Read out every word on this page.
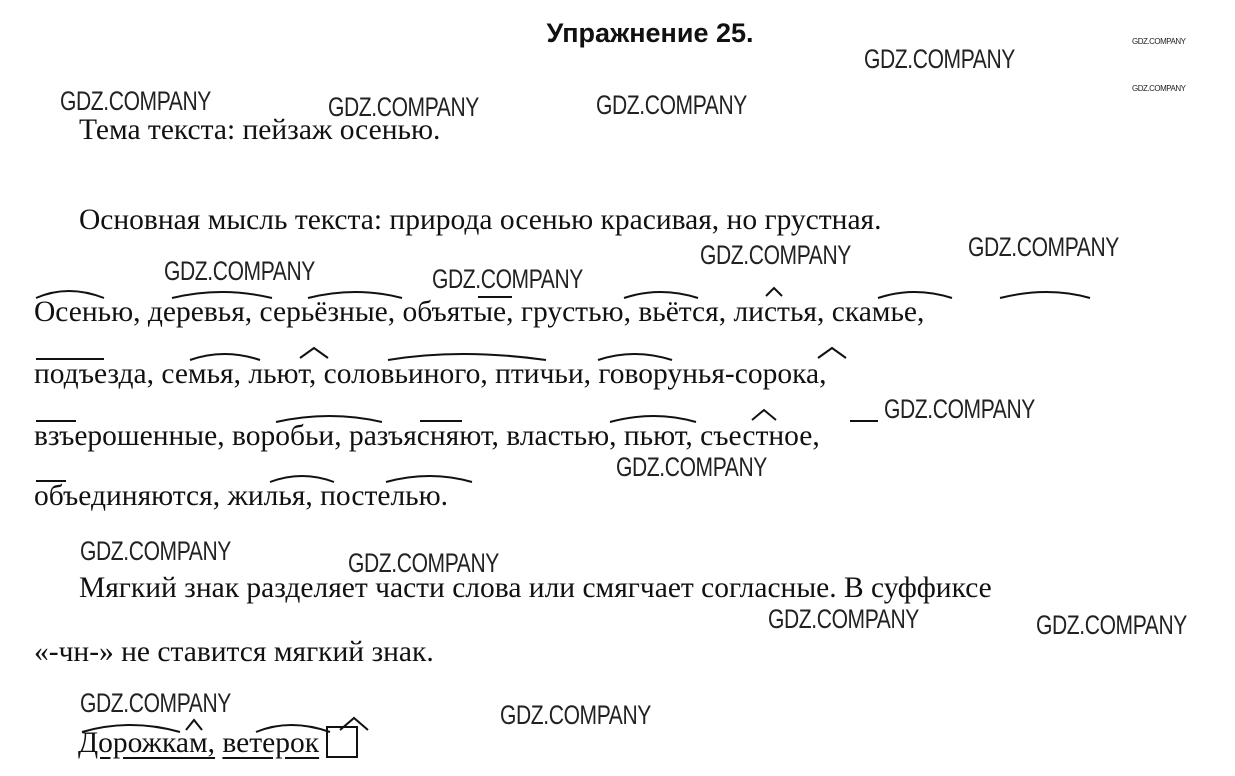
Упражнение 25.	GDZ.COMPANY
GDZ.COMPANY
GDZ.COMPANY
GDZ.COMPANY	GDZ.COMPANY	GDZ.COMPANY
GDZ.COMPANY	GDZ.COMPANY
GDZ.COMPANY	GDZ.COMPANY
GDZ.COMPANY
GDZ.COMPANY
GDZ.COMPANY	GDZ.COMPANY
GDZ.COMPANY	GDZ.COMPANY
GDZ.COMPANY	GDZ.COMPANY
Тема текста: пейзаж осенью.
Основная мысль текста: природа осенью красивая, но грустная.
Осенью, деревья, серьёзные, объятые, грустью, вьётся, листья, скамье,
подъезда, семья, льют, соловьиного, птичьи, говорунья-сорока,
взъерошенные, воробьи, разъясняют, властью, пьют, съестное,
объединяются, жилья, постелью.
Мягкий знак разделяет части слова или смягчает согласные. В суффиксе
«-чн-» не ставится мягкий знак.
Дорожкам, ветерок
